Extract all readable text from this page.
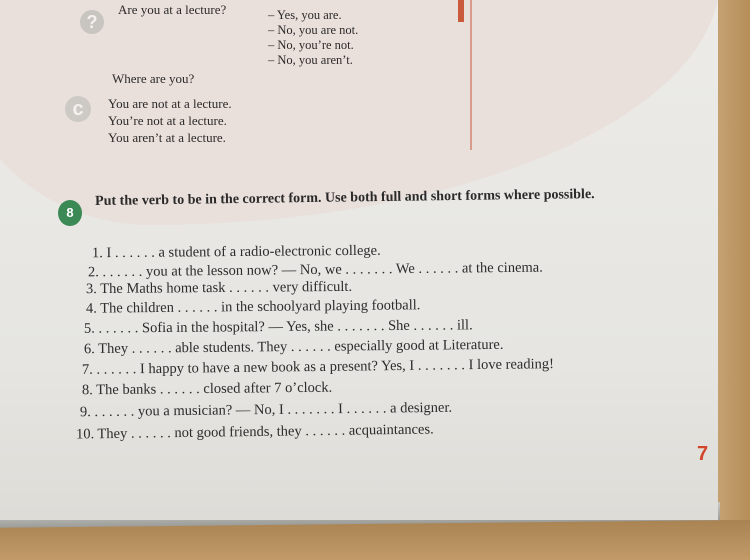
?
c
Are you at a lecture?	– Yes, you are.
– No, you are not.
– No, you’re not.
– No, you aren’t.
Where are you?
You are not at a lecture.
You’re not at a lecture.
You aren’t at a lecture.
8
Put the verb to be in the correct form. Use both full and short forms where possible.
1. I . . . . . . a student of a radio-electronic college.
2. . . . . . . you at the lesson now? — No, we . . . . . . . We . . . . . . at the cinema.
3. The Maths home task . . . . . . very difficult.
4. The children . . . . . . in the schoolyard playing football.
5. . . . . . . Sofia in the hospital? — Yes, she . . . . . . . She . . . . . . ill.
6. They . . . . . . able students. They . . . . . . especially good at Literature.
7. . . . . . . I happy to have a new book as a present? Yes, I . . . . . . . I love reading!
8. The banks . . . . . . closed after 7 o’clock.
9. . . . . . . you a musician? — No, I . . . . . . . I . . . . . . a designer.
10. They . . . . . . not good friends, they . . . . . . acquaintances.
7
